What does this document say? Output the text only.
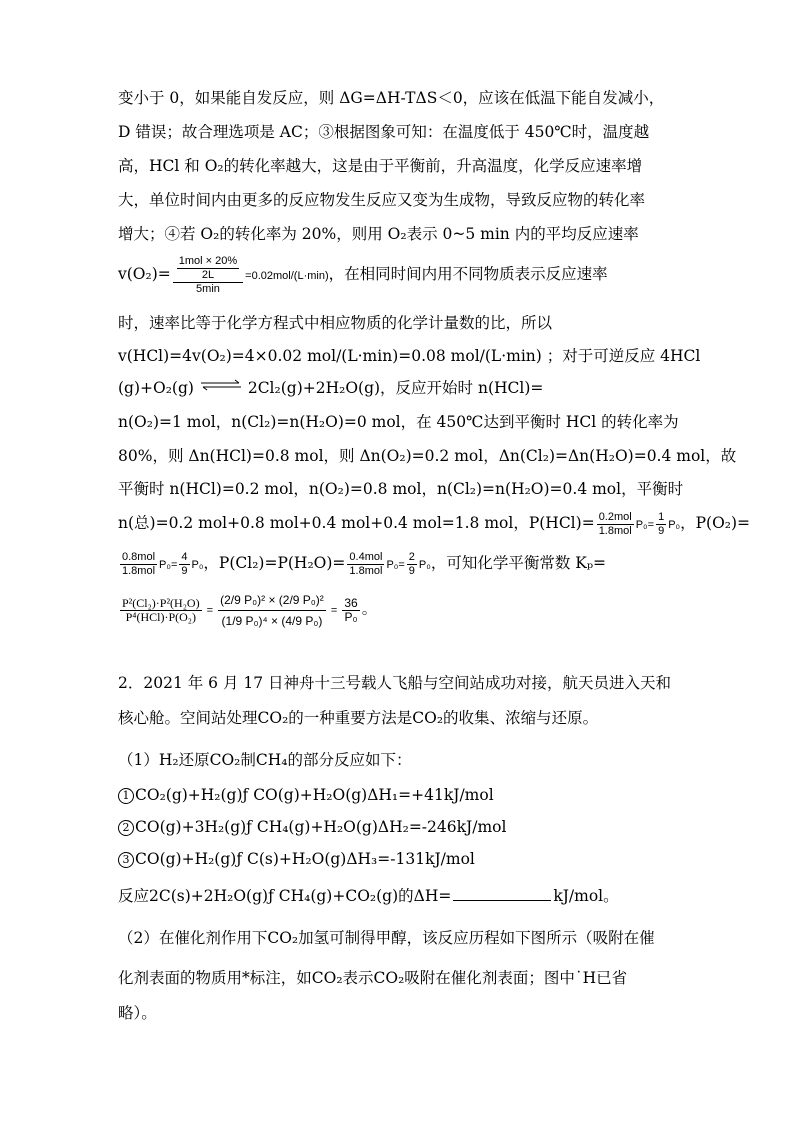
变小于 0，如果能自发反应，则 ΔG=ΔH-TΔS＜0，应该在低温下能自发减小，
D 错误；故合理选项是 AC；③根据图象可知：在温度低于 450℃时，温度越
高，HCl 和 O₂的转化率越大，这是由于平衡前，升高温度，化学反应速率增
大，单位时间内由更多的反应物发生反应又变为生成物，导致反应物的转化率
增大；④若 O₂的转化率为 20%，则用 O₂表示 0~5 min 内的平均反应速率
$v(O_2)= \frac{\frac{\text{1mol × 20\%}}{2L}}{5\min} =0.02mol/(L\cdot\min)$，在相同时间内用不同物质表示反应速率
时，速率比等于化学方程式中相应物质的化学计量数的比，所以
v(HCl)=4v(O₂)=4×0.02 mol/(L·min)=0.08 mol/(L·min) ；对于可逆反应 4HCl
(g)+O₂(g) ⇌ 2Cl₂(g)+2H₂O(g)，反应开始时 n(HCl)=
n(O₂)=1 mol，n(Cl₂)=n(H₂O)=0 mol，在 450℃达到平衡时 HCl 的转化率为
80%，则 Δn(HCl)=0.8 mol，则 Δn(O₂)=0.2 mol，Δn(Cl₂)=Δn(H₂O)=0.4 mol，故
平衡时 n(HCl)=0.2 mol，n(O₂)=0.8 mol，n(Cl₂)=n(H₂O)=0.4 mol，平衡时
n(总)=0.2 mol+0.8 mol+0.4 mol+0.4 mol=1.8 mol，$P(HCl)= \frac{\text{0.2mol}}{\text{1.8mol}} P_0= \frac{1}{9} P_0$，P(O₂)=
$\frac{\text{0.8mol}}{\text{1.8mol}} P_0= \frac{4}{9} P_0$，$P(Cl_2)=P(H_2O)= \frac{\text{0.4mol}}{\text{1.8mol}} P_0= \frac{2}{9} P_0$，可知化学平衡常数 Kₚ=
$\frac{\text{P²(Cl₂)·P²(H₂O)}}{\text{P⁴(HCl)·P(O₂)}} = \frac{\text{(2/9 P₀)² × (2/9 P₀)²}}{\text{(1/9 P₀)⁴ × (4/9 P₀)}} = \frac{36}{\text{P₀}}$ 。
2．2021 年 6 月 17 日神舟十三号载人飞船与空间站成功对接，航天员进入天和
核心舱。空间站处理CO₂的一种重要方法是CO₂的收集、浓缩与还原。
（1）H₂还原CO₂制CH₄的部分反应如下：
1 CO₂(g)+H₂(g)ƒ CO(g)+H₂O(g)ΔH₁=+41kJ/mol
2 CO(g)+3H₂(g)ƒ CH₄(g)+H₂O(g)ΔH₂=-246kJ/mol
3 CO(g)+H₂(g)ƒ C(s)+H₂O(g)ΔH₃=-131kJ/mol
反应2C(s)+2H₂O(g)ƒ CH₄(g)+CO₂(g)的ΔH=	kJ/mol。
（2）在催化剂作用下CO₂加氢可制得甲醇，该反应历程如下图所示（吸附在催
化剂表面的物质用*标注，如CO₂表示CO₂吸附在催化剂表面；图中˙H已省
略）。
